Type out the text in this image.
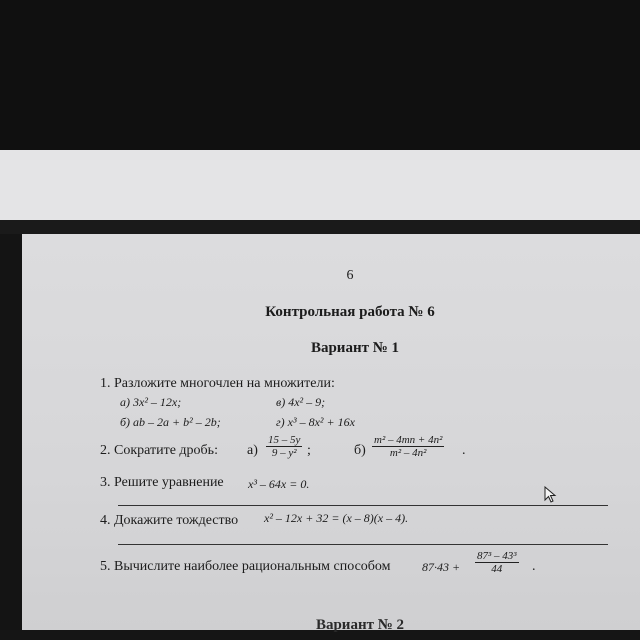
6
Контрольная работа № 6
Вариант № 1
1. Разложите многочлен на множители:
а) 3x² – 12x;	в) 4x² – 9;
б) ab – 2a + b² – 2b;	г) x³ – 8x² + 16x
2. Сократите дробь: а)
15 – 5y
9 – y² ;	б)
m² – 4mn + 4n²
m² – 4n²	.
3. Решите уравнение x³ – 64x = 0.
4. Докажите тождество x² – 12x + 32 = (x – 8)(x – 4).
5. Вычислите наиболее рациональным способом	87·43 +
87³ – 43³
44 .
Вариант № 2
